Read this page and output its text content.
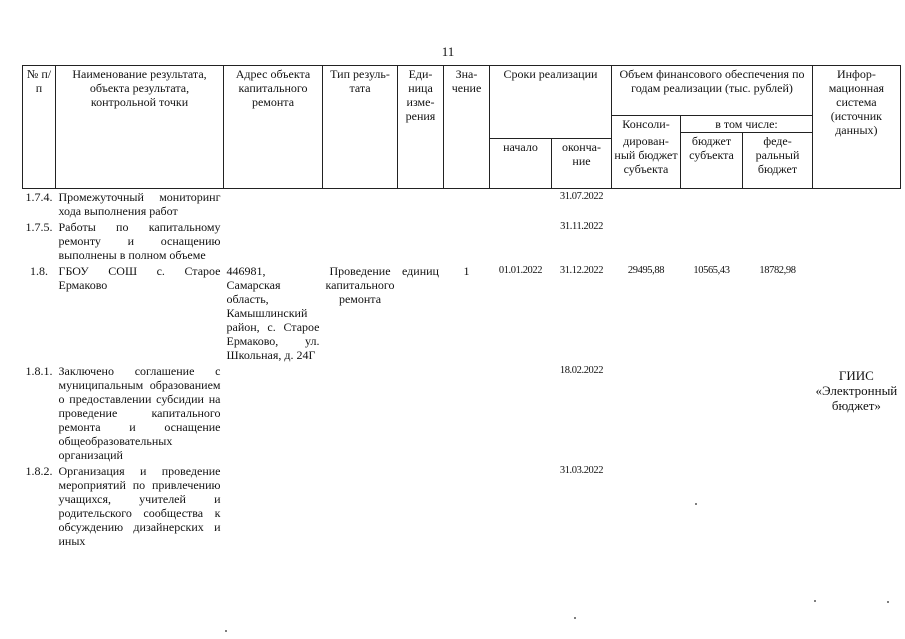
11
№ п/п	Наименование результата, объекта результата, контрольной точки	Адрес объекта капитального ремонта	Тип резуль-тата	Еди-ница изме-рения	Зна-чение	Сроки реализации		Объем финансового обеспечения по годам реализации (тыс. рублей)			Инфор-мационная система (источник данных)
								Консоли-	в том числе:		
								дирован-ный бюджет субъекта	бюджет субъекта	феде-ральный бюджет	
						начало	оконча-ние				
1.7.4.	Промежуточный мониторинг хода выполнения работ						31.07.2022				
1.7.5.	Работы по капитальному ремонту и оснащению выполнены в полном объеме						31.11.2022				
1.8.	ГБОУ СОШ с. Старое Ермаково	446981, Самарская область, Камышлинский район, с. Старое Ермаково, ул. Школьная, д. 24Г	Проведение капитального ремонта	единиц	1	01.01.2022	31.12.2022	29495,88	10565,43	18782,98	
1.8.1.	Заключено соглашение с муниципальным образованием о предоставлении субсидии на проведение капитального ремонта и оснащение общеобразовательных организаций						18.02.2022				ГИИС «Электронный бюджет»
1.8.2.	Организация и проведение мероприятий по привлечению учащихся, учителей и родительского сообщества к обсуждению дизайнерских и иных						31.03.2022				
